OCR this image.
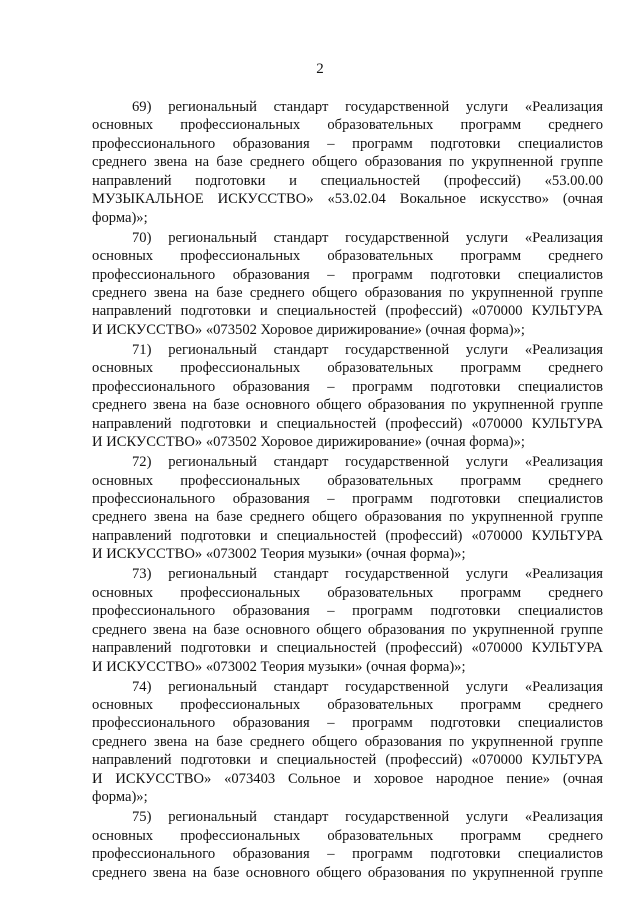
2
69) региональный стандарт государственной услуги «Реализация
основных профессиональных образовательных программ среднего
профессионального образования – программ подготовки специалистов
среднего звена на базе среднего общего образования по укрупненной группе
направлений подготовки и специальностей (профессий) «53.00.00
МУЗЫКАЛЬНОЕ ИСКУССТВО» «53.02.04 Вокальное искусство» (очная
форма)»;
70) региональный стандарт государственной услуги «Реализация
основных профессиональных образовательных программ среднего
профессионального образования – программ подготовки специалистов
среднего звена на базе среднего общего образования по укрупненной группе
направлений подготовки и специальностей (профессий) «070000 КУЛЬТУРА
И ИСКУССТВО» «073502 Хоровое дирижирование» (очная форма)»;
71) региональный стандарт государственной услуги «Реализация
основных профессиональных образовательных программ среднего
профессионального образования – программ подготовки специалистов
среднего звена на базе основного общего образования по укрупненной группе
направлений подготовки и специальностей (профессий) «070000 КУЛЬТУРА
И ИСКУССТВО» «073502 Хоровое дирижирование» (очная форма)»;
72) региональный стандарт государственной услуги «Реализация
основных профессиональных образовательных программ среднего
профессионального образования – программ подготовки специалистов
среднего звена на базе среднего общего образования по укрупненной группе
направлений подготовки и специальностей (профессий) «070000 КУЛЬТУРА
И ИСКУССТВО» «073002 Теория музыки» (очная форма)»;
73) региональный стандарт государственной услуги «Реализация
основных профессиональных образовательных программ среднего
профессионального образования – программ подготовки специалистов
среднего звена на базе основного общего образования по укрупненной группе
направлений подготовки и специальностей (профессий) «070000 КУЛЬТУРА
И ИСКУССТВО» «073002 Теория музыки» (очная форма)»;
74) региональный стандарт государственной услуги «Реализация
основных профессиональных образовательных программ среднего
профессионального образования – программ подготовки специалистов
среднего звена на базе среднего общего образования по укрупненной группе
направлений подготовки и специальностей (профессий) «070000 КУЛЬТУРА
И ИСКУССТВО» «073403 Сольное и хоровое народное пение» (очная
форма)»;
75) региональный стандарт государственной услуги «Реализация
основных профессиональных образовательных программ среднего
профессионального образования – программ подготовки специалистов
среднего звена на базе основного общего образования по укрупненной группе
